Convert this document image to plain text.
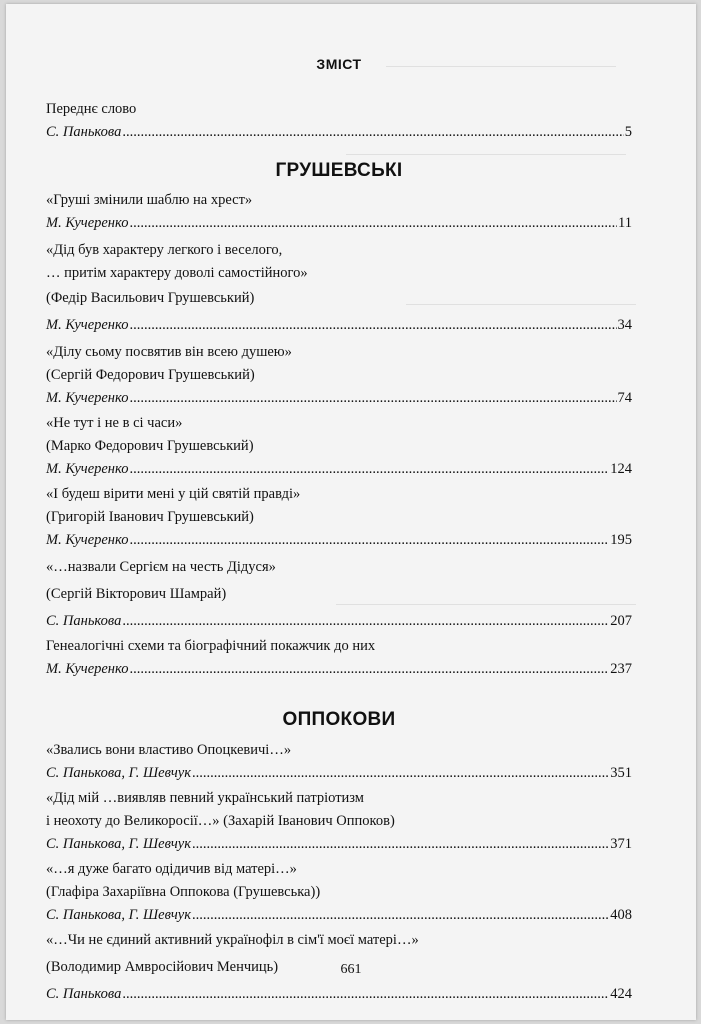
ЗМІСТ
Переднє слово
С. Панькова .....	5
ГРУШЕВСЬКІ
«Груші змінили шаблю на хрест»
М. Кучеренко .....	11
«Дід був характеру легкого і веселого,
… притім характеру доволі самостійного»
(Федір Васильович Грушевський)
М. Кучеренко .....	34
«Ділу сьому посвятив він всею душею»
(Сергій Федорович Грушевський)
М. Кучеренко .....	74
«Не тут і не в сі часи»
(Марко Федорович Грушевський)
М. Кучеренко .....	124
«І будеш вірити мені у цій святій правді»
(Григорій Іванович Грушевський)
М. Кучеренко .....	195
«…назвали Сергієм на честь Дідуся»
(Сергій Вікторович Шамрай)
С. Панькова .....	207
Генеалогічні схеми та біографічний покажчик до них
М. Кучеренко .....	237
ОППОКОВИ
«Звались вони властиво Опоцкевичі…»
С. Панькова, Г. Шевчук .....	351
«Дід мій …виявляв певний український патріотизм
і неохоту до Великоросії…» (Захарій Іванович Оппоков)
С. Панькова, Г. Шевчук .....	371
«…я дуже багато одідичив від матері…»
(Глафіра Захаріївна Оппокова (Грушевська))
С. Панькова, Г. Шевчук .....	408
«…Чи не єдиний активний українофіл в сім'ї моєї матері…»
(Володимир Амвросійович Менчиць)
С. Панькова .....	424
661
